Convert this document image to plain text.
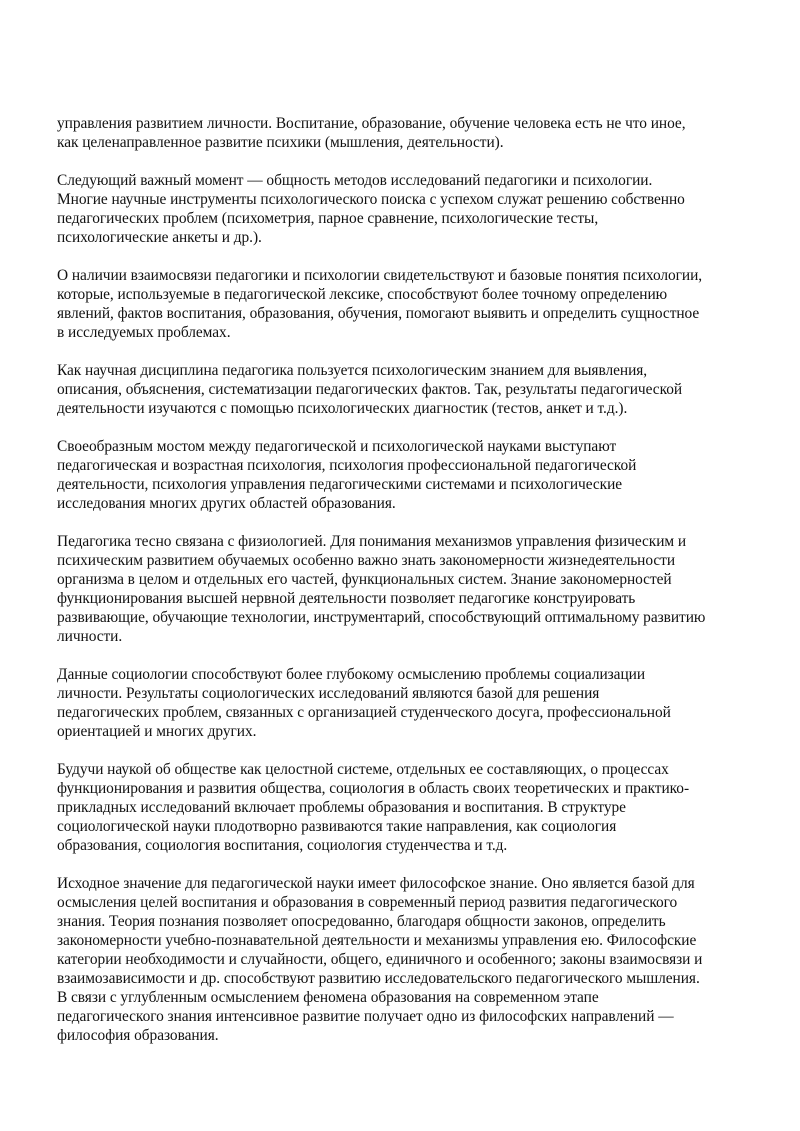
управления развитием личности. Воспитание, образование, обучение человека есть не что иное,
как целенаправленное развитие психики (мышления, деятельности).

Следующий важный момент — общность методов исследований педагогики и психологии.
Многие научные инструменты психологического поиска с успехом служат решению собственно
педагогических проблем (психометрия, парное сравнение, психологические тесты,
психологические анкеты и др.).

О наличии взаимосвязи педагогики и психологии свидетельствуют и базовые понятия психологии,
которые, используемые в педагогической лексике, способствуют более точному определению
явлений, фактов воспитания, образования, обучения, помогают выявить и определить сущностное
в исследуемых проблемах.

Как научная дисциплина педагогика пользуется психологическим знанием для выявления,
описания, объяснения, систематизации педагогических фактов. Так, результаты педагогической
деятельности изучаются с помощью психологических диагностик (тестов, анкет и т.д.).

Своеобразным мостом между педагогической и психологической науками выступают
педагогическая и возрастная психология, психология профессиональной педагогической
деятельности, психология управления педагогическими системами и психологические
исследования многих других областей образования.

Педагогика тесно связана с физиологией. Для понимания механизмов управления физическим и
психическим развитием обучаемых особенно важно знать закономерности жизнедеятельности
организма в целом и отдельных его частей, функциональных систем. Знание закономерностей
функционирования высшей нервной деятельности позволяет педагогике конструировать
развивающие, обучающие технологии, инструментарий, способствующий оптимальному развитию
личности.

Данные социологии способствуют более глубокому осмыслению проблемы социализации
личности. Результаты социологических исследований являются базой для решения
педагогических проблем, связанных с организацией студенческого досуга, профессиональной
ориентацией и многих других.

Будучи наукой об обществе как целостной системе, отдельных ее составляющих, о процессах
функционирования и развития общества, социология в область своих теоретических и практико-
прикладных исследований включает проблемы образования и воспитания. В структуре
социологической науки плодотворно развиваются такие направления, как социология
образования, социология воспитания, социология студенчества и т.д.

Исходное значение для педагогической науки имеет философское знание. Оно является базой для
осмысления целей воспитания и образования в современный период развития педагогического
знания. Теория познания позволяет опосредованно, благодаря общности законов, определить
закономерности учебно-познавательной деятельности и механизмы управления ею. Философские
категории необходимости и случайности, общего, единичного и особенного; законы взаимосвязи и
взаимозависимости и др. способствуют развитию исследовательского педагогического мышления.
В связи с углубленным осмыслением феномена образования на современном этапе
педагогического знания интенсивное развитие получает одно из философских направлений —
философия образования.
